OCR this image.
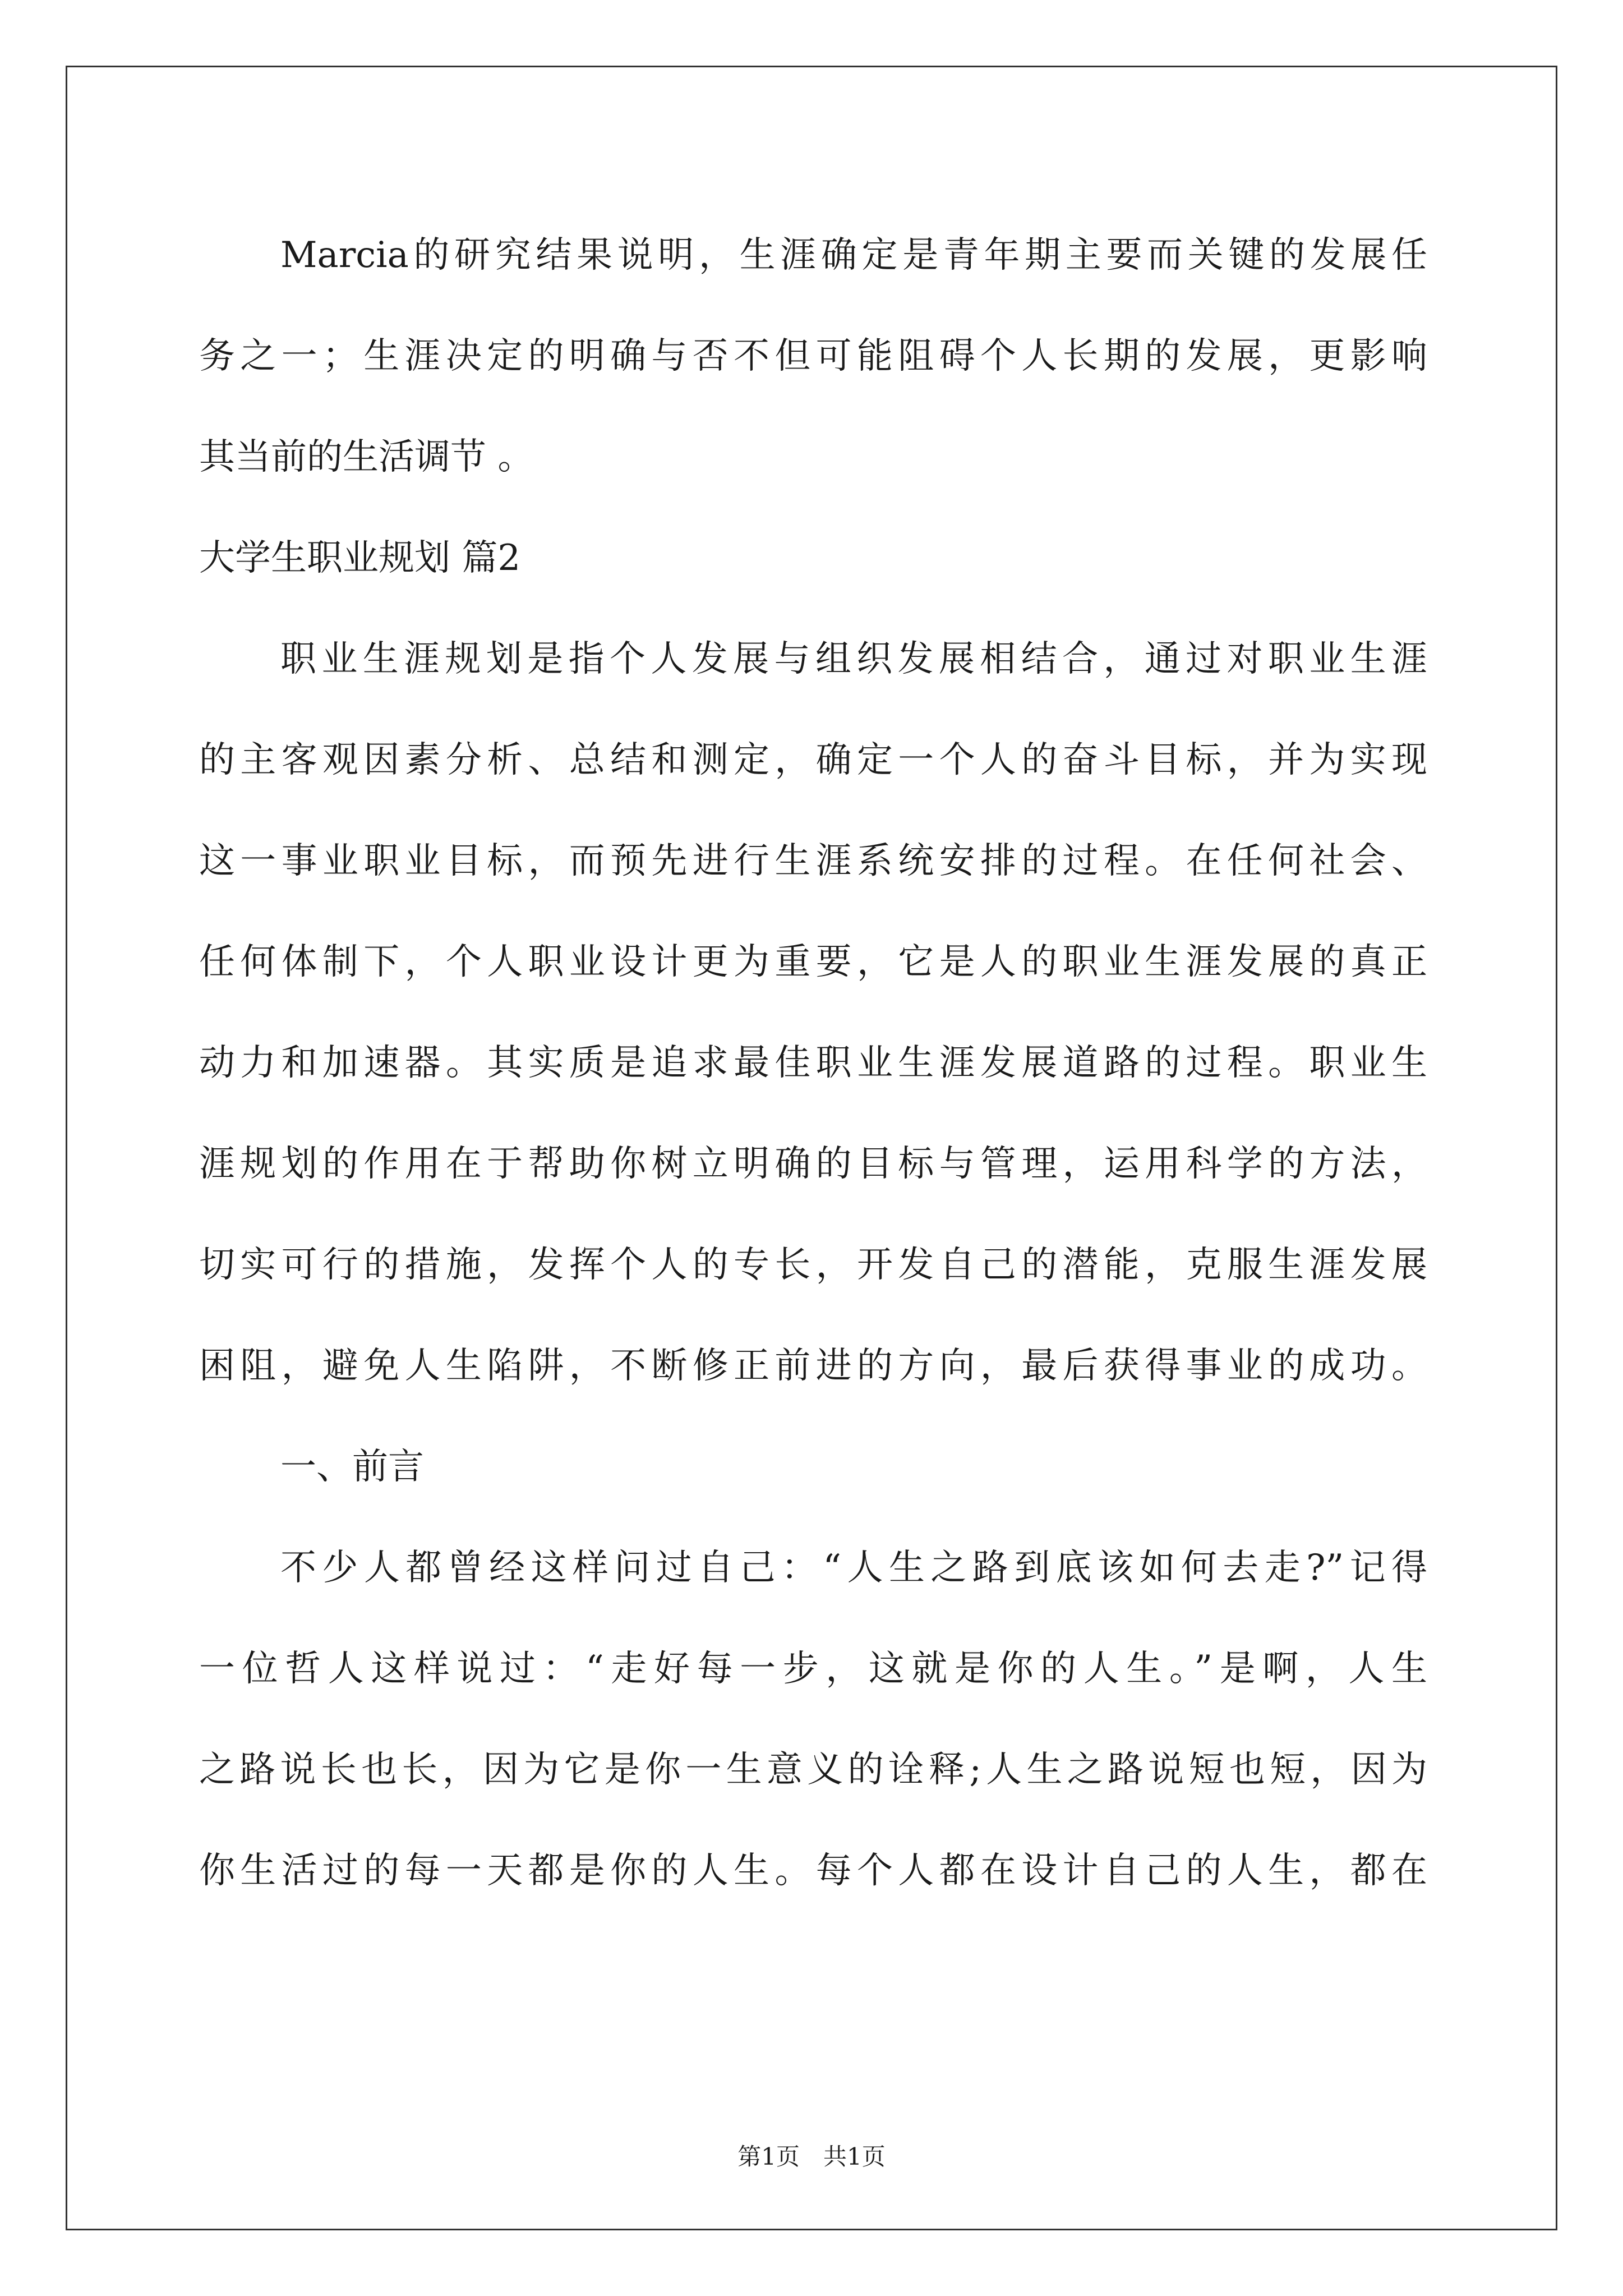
Marcia的研究结果说明，生涯确定是青年期主要而关键的发展任
务之一；生涯决定的明确与否不但可能阻碍个人长期的发展，更影响
其当前的生活调节 。
大学生职业规划 篇2
职业生涯规划是指个人发展与组织发展相结合，通过对职业生涯
的主客观因素分析、总结和测定，确定一个人的奋斗目标，并为实现
这一事业职业目标，而预先进行生涯系统安排的过程。在任何社会、
任何体制下，个人职业设计更为重要，它是人的职业生涯发展的真正
动力和加速器。其实质是追求最佳职业生涯发展道路的过程。职业生
涯规划的作用在于帮助你树立明确的目标与管理，运用科学的方法，
切实可行的措施，发挥个人的专长，开发自己的潜能，克服生涯发展
困阻，避免人生陷阱，不断修正前进的方向，最后获得事业的成功。
一、前言
不少人都曾经这样问过自己：“人生之路到底该如何去走?”记得
一位哲人这样说过：“走好每一步，这就是你的人生。”是啊，人生
之路说长也长，因为它是你一生意义的诠释;人生之路说短也短，因为
你生活过的每一天都是你的人生。每个人都在设计自己的人生，都在
第1页　共1页
